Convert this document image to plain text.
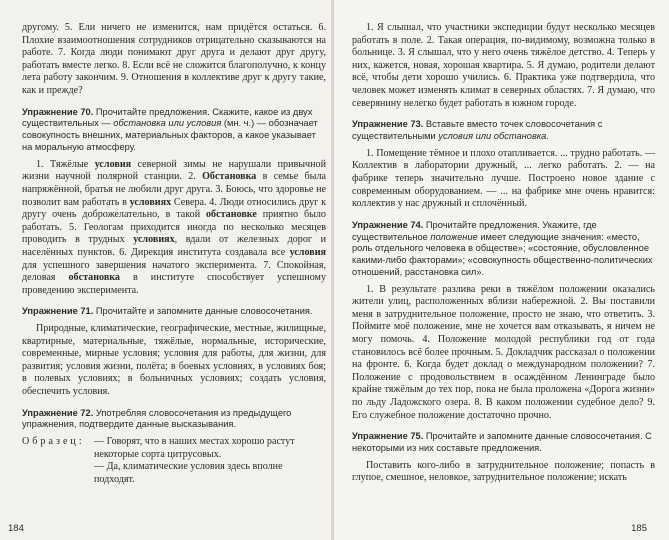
другому. 5. Ели ничего не изменится, нам придётся остаться. 6. Плохие взаимоотношения сотрудников отрицательно сказываются на работе. 7. Когда люди понимают друг друга и делают друг другу, работать вместе легко. 8. Если всё не сложится благополучно, к концу лета работу закончим. 9. Отношения в коллективе друг к другу такие, как и прежде?

Упражнение 70. Прочитайте предложения. Скажите, какое из двух существительных — обстановка или условия (мн. ч.) — обозначает совокупность внешних, материальных факторов, а какое указывает на моральную атмосферу.

1. Тяжёлые условия северной зимы не нарушали привычной жизни научной полярной станции. 2. Обстановка в семье была напряжённой, братья не любили друг друга. 3. Боюсь, что здоровье не позволит вам работать в условиях Севера. 4. Люди относились друг к другу очень доброжелательно, в такой обстановке приятно было работать. 5. Геологам приходится иногда по несколько месяцев проводить в трудных условиях, вдали от железных дорог и населённых пунктов. 6. Дирекция института создавала все условия для успешного завершения начатого эксперимента. 7. Спокойная, деловая обстановка в институте способствует успешному проведению эксперимента.

Упражнение 71. Прочитайте и запомните данные словосочетания.

Природные, климатические, географические, местные, жилищные, квартирные, материальные, тяжёлые, нормальные, исторические, современные, мирные условия; условия для работы, для жизни, для развития; условия жизни, полёта; в боевых условиях, в условиях боя; в полевых условиях; в больничных условиях; создать условия, обеспечить условия.

Упражнение 72. Употребляя словосочетания из предыдущего упражнения, подтвердите данные высказывания.
Образец: — Говорят, что в наших местах хорошо растут
некоторые сорта цитрусовых.
— Да, климатические условия здесь вполне
подходят.
184

1. Я слышал, что участники экспедиции будут несколько месяцев работать в поле. 2. Такая операция, по-видимому, возможна только в больнице. 3. Я слышал, что у него очень тяжёлое детство. 4. Теперь у них, кажется, новая, хорошая квартира. 5. Я думаю, родители делают всё, чтобы дети хорошо учились. 6. Практика уже подтвердила, что человек может изменять климат в северных областях. 7. Я думаю, что северянину нелегко будет работать в южном городе.

Упражнение 73. Вставьте вместо точек словосочетания с существительными условия или обстановка.

1. Помещение тёмное и плохо отапливается. ... трудно работать. — Коллектив в лаборатории дружный, ... легко работать. 2. — на фабрике теперь значительно лучше. Построено новое здание с современным оборудованием. — ... на фабрике мне очень нравится: коллектив у нас дружный и сплочённый.

Упражнение 74. Прочитайте предложения. Укажите, где существительное положение имеет следующие значения: «место, роль отдельного человека в обществе»; «состояние, обусловленное какими-либо факторами»; «совокупность общественно-политических отношений, расстановка сил».

1. В результате разлива реки в тяжёлом положении оказались жители улиц, расположенных вблизи набережной. 2. Вы поставили меня в затруднительное положение, просто не знаю, что ответить. 3. Поймите моё положение, мне не хочется вам отказывать, я ничем не могу помочь. 4. Положение молодой республики год от года становилось всё более прочным. 5. Докладчик рассказал о положении на фронте. 6. Когда будет доклад о международном положении? 7. Положение с продовольствием в осаждённом Ленинграде было крайне тяжёлым до тех пор, пока не была проложена «Дорога жизни» по льду Ладожского озера. 8. В каком положении судебное дело? 9. Его служебное положение достаточно прочно.

Упражнение 75. Прочитайте и запомните данные словосочетания. С некоторыми из них составьте предложения.

Поставить кого-либо в затруднительное положение; попасть в глупое, смешное, неловкое, затруднительное положение; искать

185
